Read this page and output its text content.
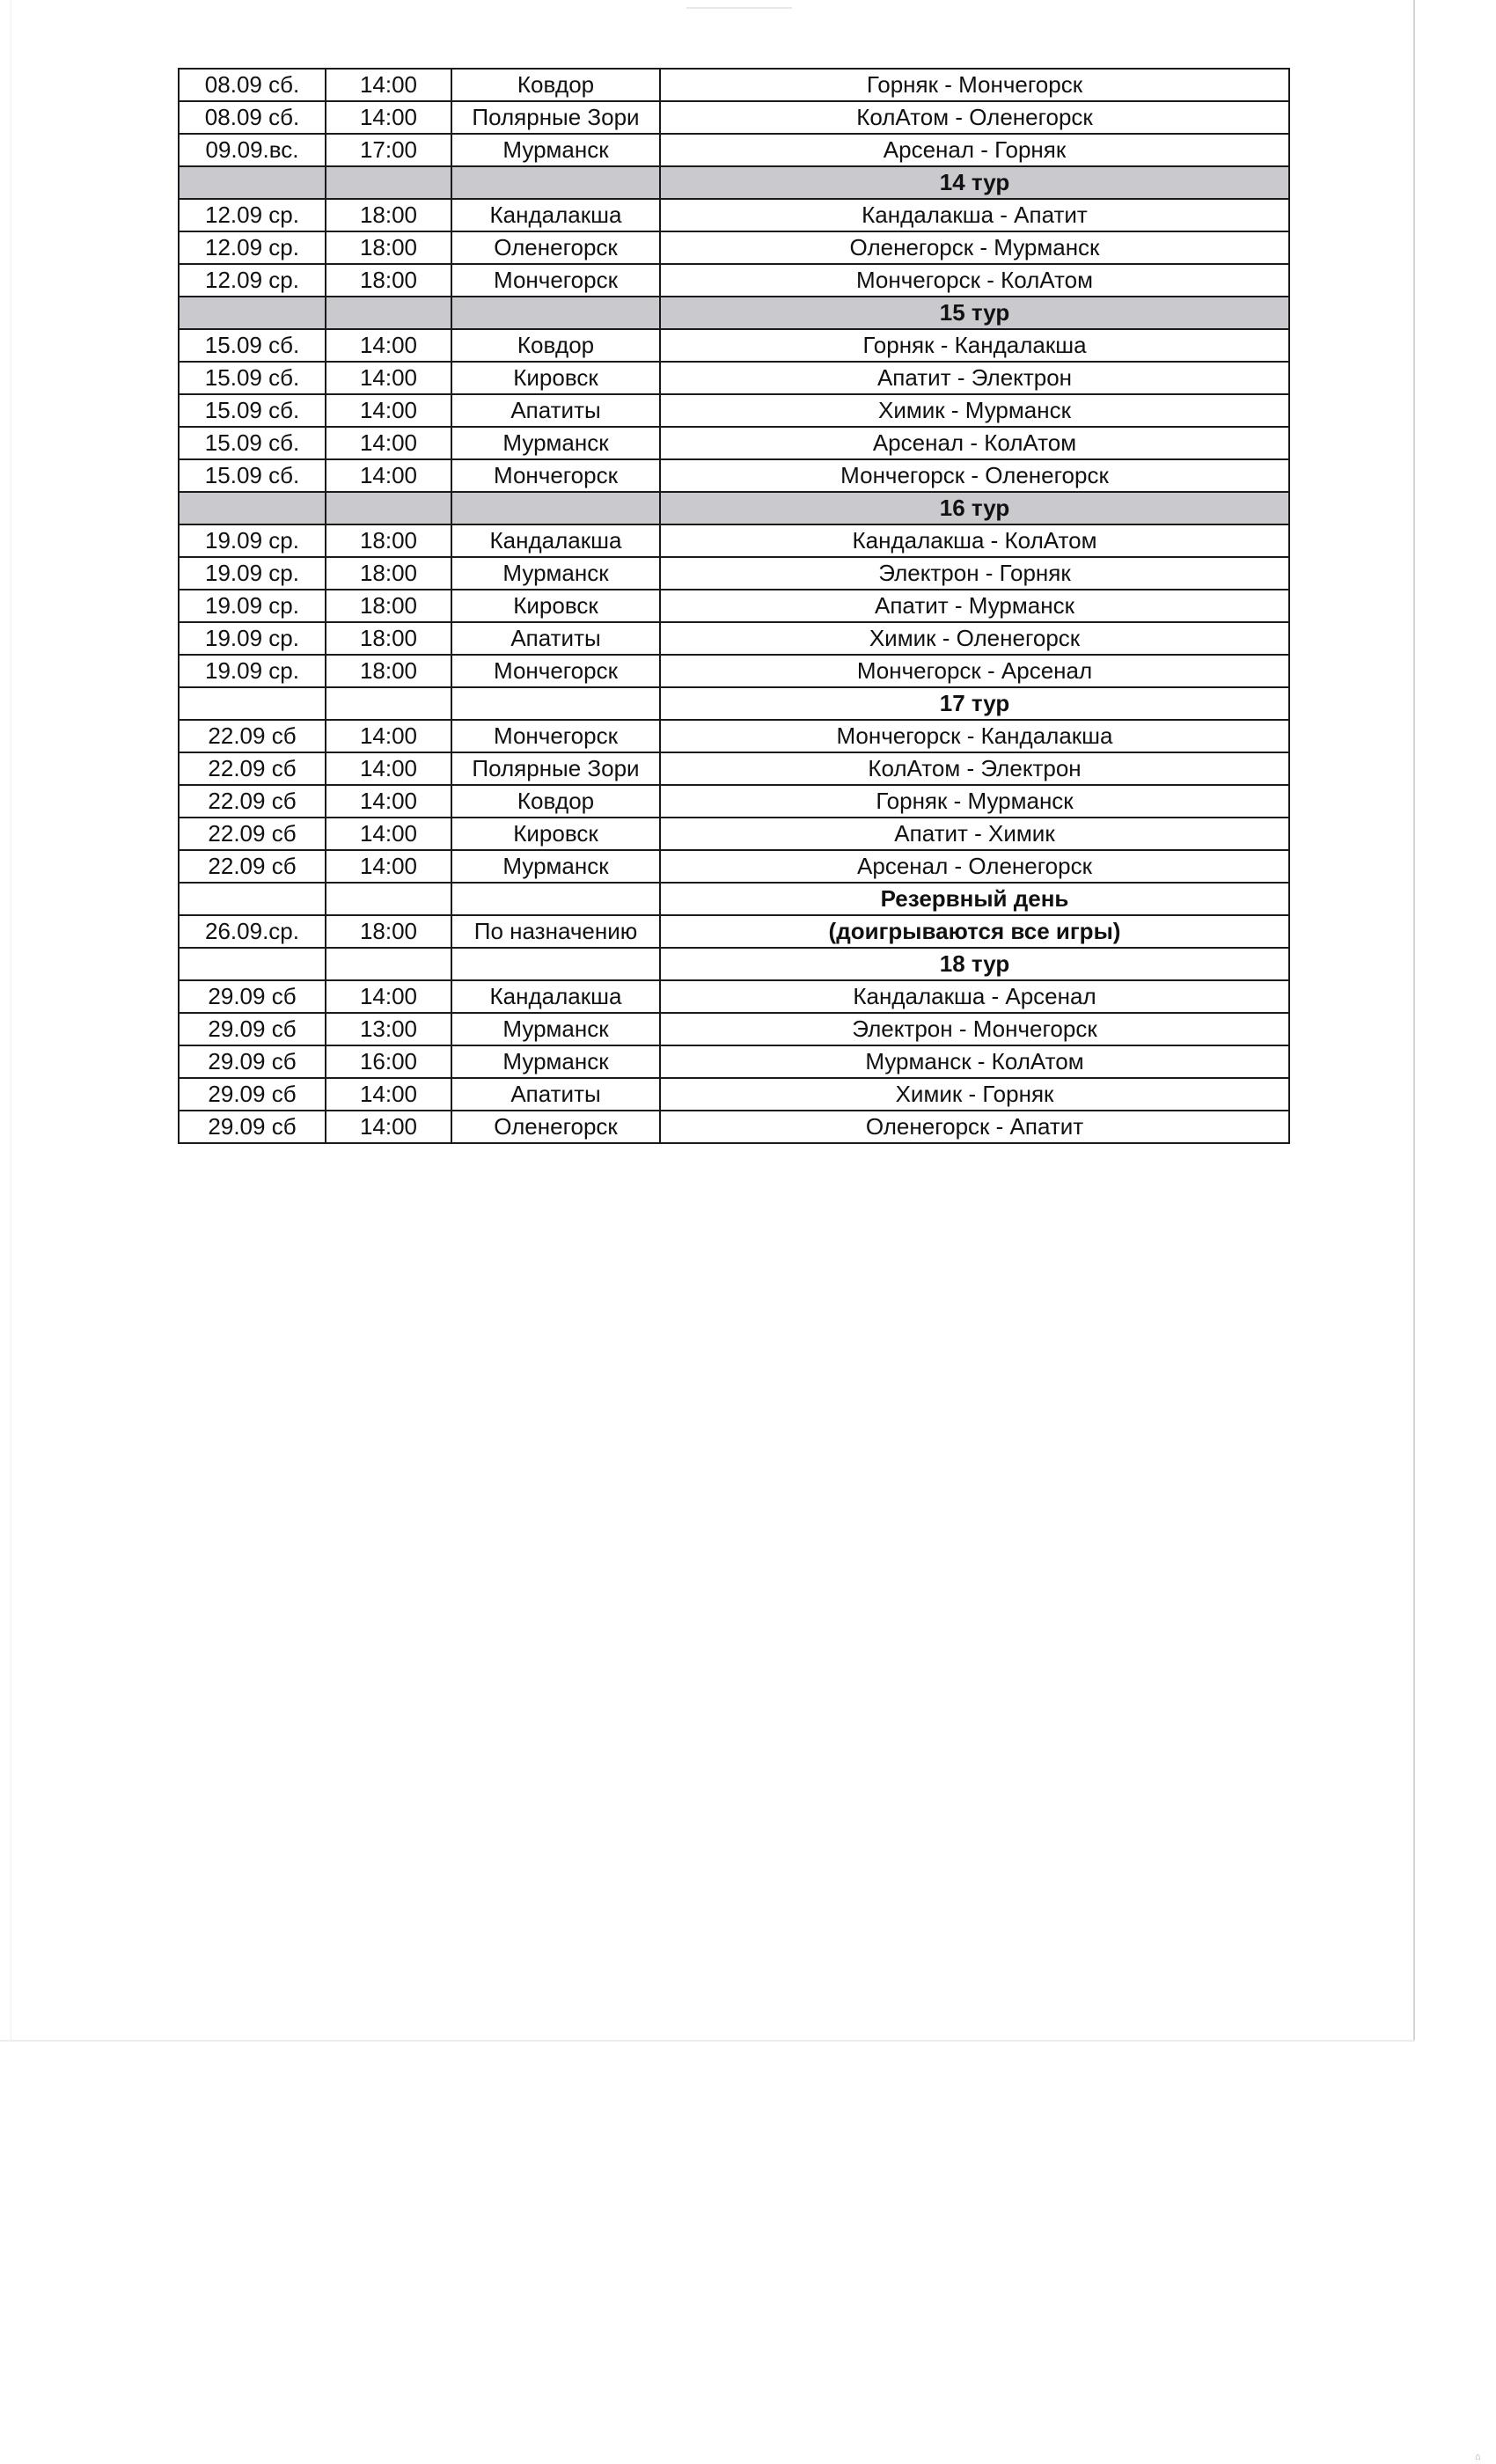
08.09 сб.	14:00	Ковдор	Горняк - Мончегорск
08.09 сб.	14:00	Полярные Зори	КолАтом - Оленегорск
09.09.вс.	17:00	Мурманск	Арсенал - Горняк
			14 тур
12.09 ср.	18:00	Кандалакша	Кандалакша - Апатит
12.09 ср.	18:00	Оленегорск	Оленегорск - Мурманск
12.09 ср.	18:00	Мончегорск	Мончегорск - КолАтом
			15 тур
15.09 сб.	14:00	Ковдор	Горняк - Кандалакша
15.09 сб.	14:00	Кировск	Апатит - Электрон
15.09 сб.	14:00	Апатиты	Химик - Мурманск
15.09 сб.	14:00	Мурманск	Арсенал - КолАтом
15.09 сб.	14:00	Мончегорск	Мончегорск - Оленегорск
			16 тур
19.09 ср.	18:00	Кандалакша	Кандалакша - КолАтом
19.09 ср.	18:00	Мурманск	Электрон - Горняк
19.09 ср.	18:00	Кировск	Апатит - Мурманск
19.09 ср.	18:00	Апатиты	Химик - Оленегорск
19.09 ср.	18:00	Мончегорск	Мончегорск - Арсенал
			17 тур
22.09 сб	14:00	Мончегорск	Мончегорск - Кандалакша
22.09 сб	14:00	Полярные Зори	КолАтом - Электрон
22.09 сб	14:00	Ковдор	Горняк - Мурманск
22.09 сб	14:00	Кировск	Апатит - Химик
22.09 сб	14:00	Мурманск	Арсенал - Оленегорск
			Резервный день
26.09.ср.	18:00	По назначению	(доигрываются все игры)
			18 тур
29.09 сб	14:00	Кандалакша	Кандалакша - Арсенал
29.09 сб	13:00	Мурманск	Электрон - Мончегорск
29.09 сб	16:00	Мурманск	Мурманск - КолАтом
29.09 сб	14:00	Апатиты	Химик - Горняк
29.09 сб	14:00	Оленегорск	Оленегорск - Апатит
⌂
